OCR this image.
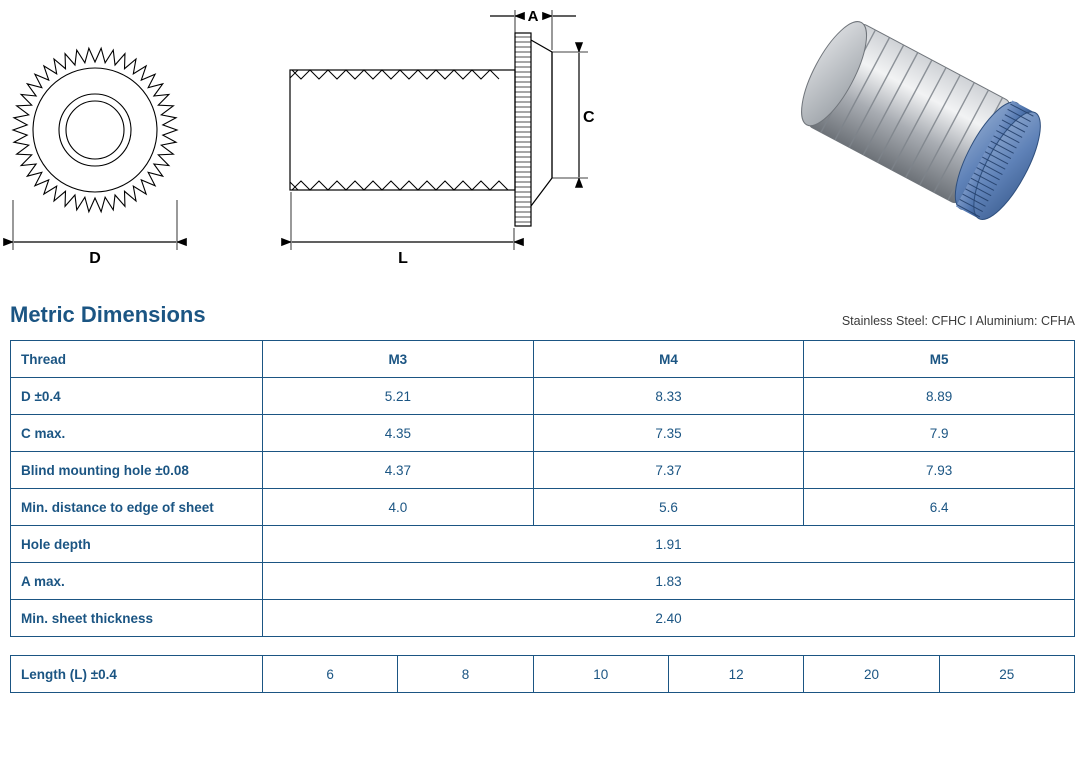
D	L
C
A
Metric Dimensions	Stainless Steel: CFHC I Aluminium: CFHA
Thread	M3	M4	M5
D ±0.4	5.21	8.33	8.89
C max.	4.35	7.35	7.9
Blind mounting hole ±0.08	4.37	7.37	7.93
Min. distance to edge of sheet	4.0	5.6	6.4
Hole depth	1.91		
A max.	1.83		
Min. sheet thickness	2.40		
Length (L) ±0.4	6	8	10	12	20	25
